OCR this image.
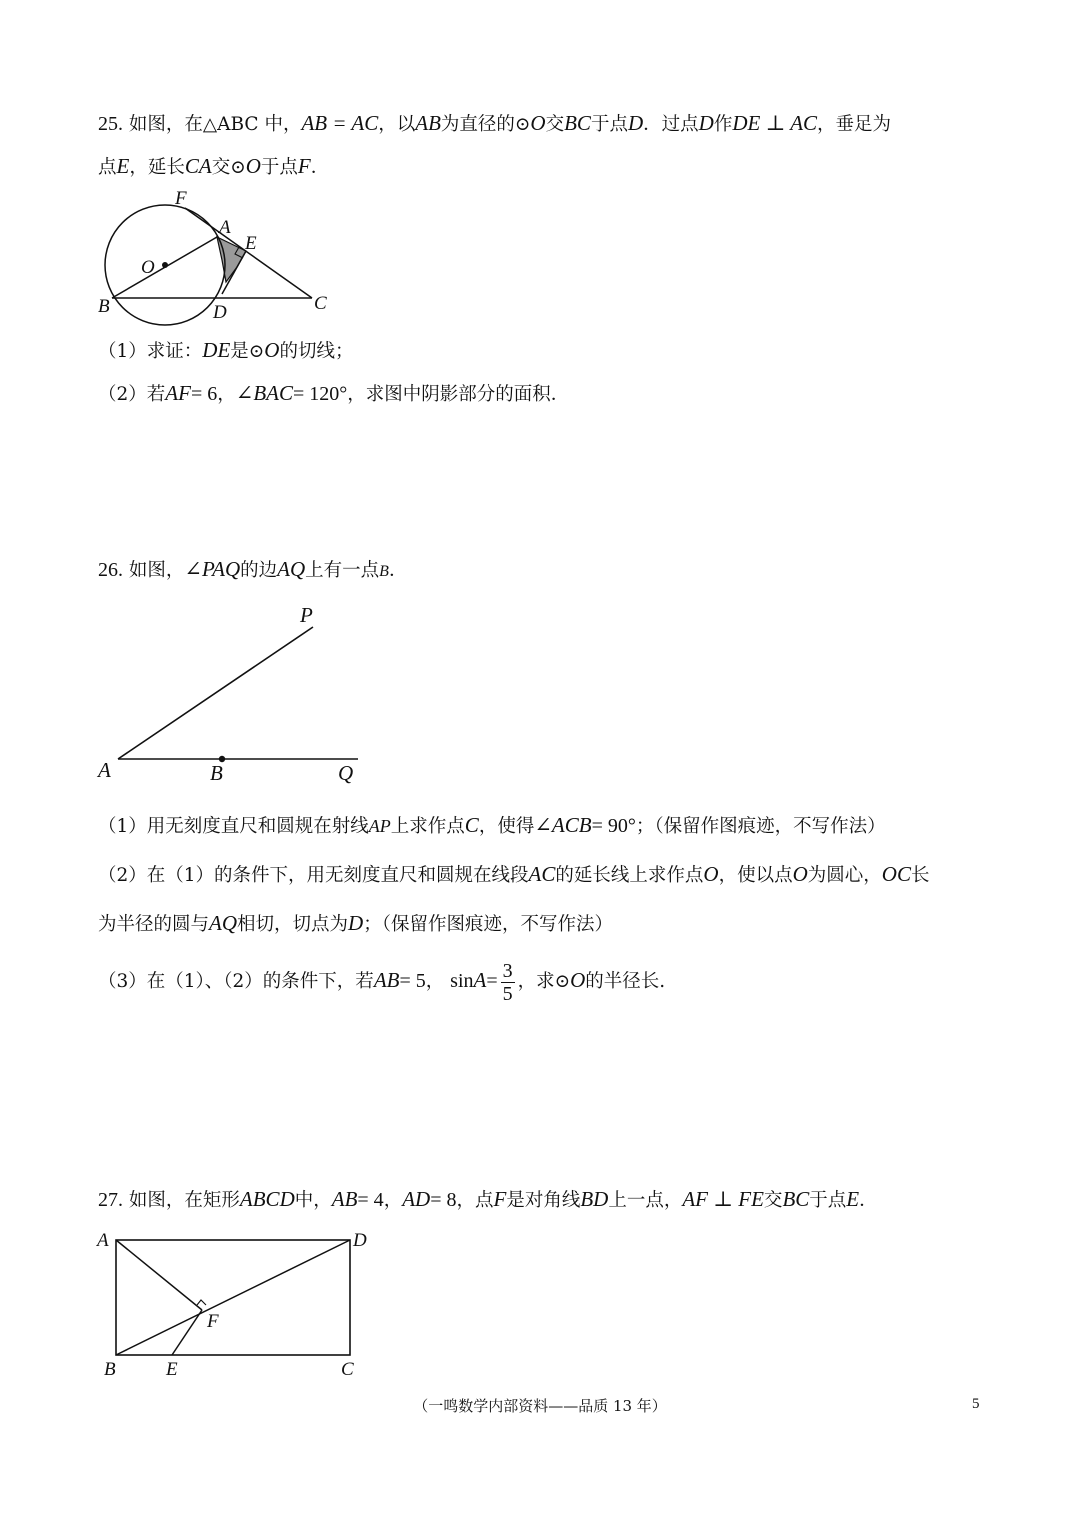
25. 如图，在△ABC 中，AB = AC，以AB为直径的⊙O交BC于点D．过点D作DE ⊥ AC，垂足为
点E，延长CA交⊙O于点F．
F
A
E
O
B	D	C
（1）求证：DE是⊙O的切线；
（2）若AF= 6，∠BAC= 120°，求图中阴影部分的面积．
26. 如图，∠PAQ的边AQ上有一点B．
P
A	B	Q
（1）用无刻度直尺和圆规在射线AP上求作点C，使得∠ACB= 90°；（保留作图痕迹，不写作法）
（2）在（1）的条件下，用无刻度直尺和圆规在线段AC的延长线上求作点O，使以点O为圆心，OC长
为半径的圆与AQ相切，切点为D；（保留作图痕迹，不写作法）
（3）在（1）、（2）的条件下，若AB= 5， $\sin A= \frac{3}{5}$ ，求⊙O的半径长.
27. 如图，在矩形ABCD中，AB= 4，AD= 8，点F是对角线BD上一点，AF ⊥ FE交BC于点E．
A	D
F
B	E	C
（一鸣数学内部资料——品质 13 年）	5
